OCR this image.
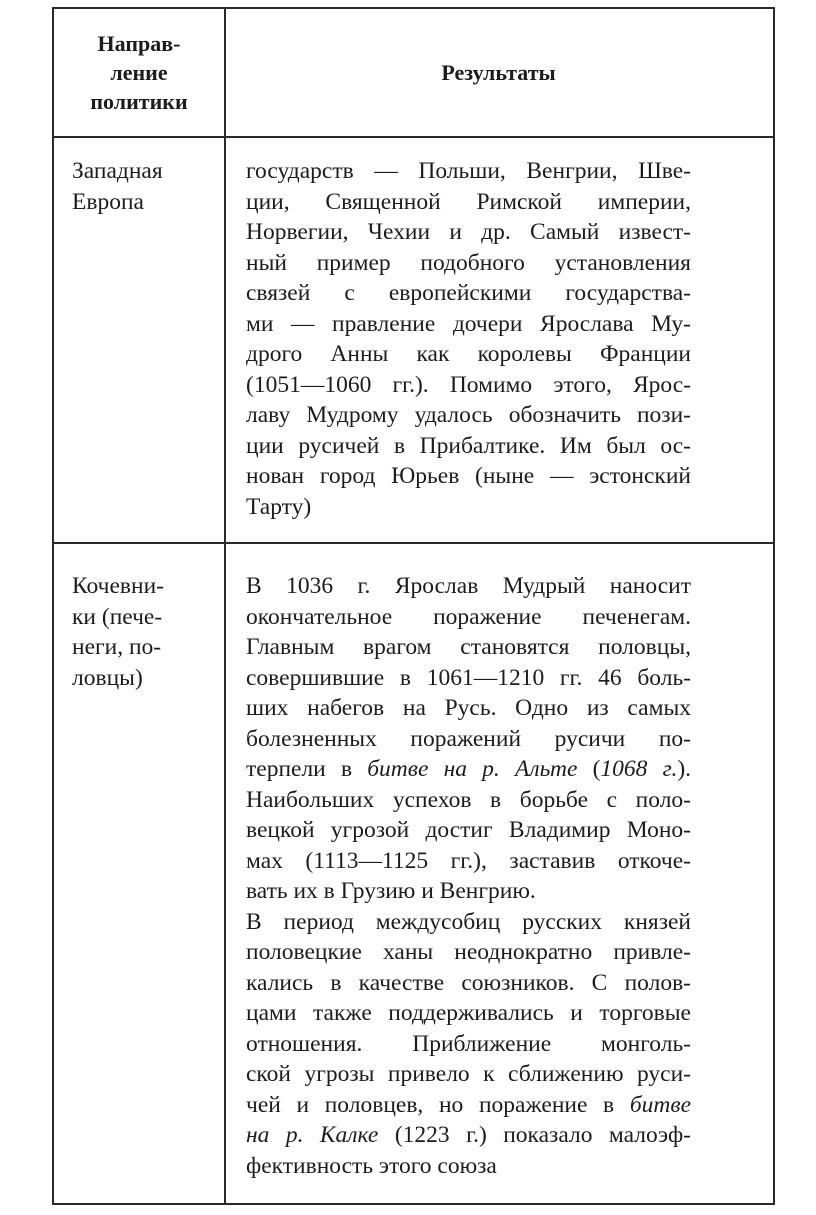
Направ-
ление
политики
Результаты
Западная
Европа
государств — Польши, Венгрии, Шве-
ции, Священной Римской империи,
Норвегии, Чехии и др. Самый извест-
ный пример подобного установления
связей с европейскими государства-
ми — правление дочери Ярослава Му-
дрого Анны как королевы Франции
(1051—1060 гг.). Помимо этого, Ярос-
лаву Мудрому удалось обозначить пози-
ции русичей в Прибалтике. Им был ос-
нован город Юрьев (ныне — эстонский
Тарту)
Кочевни-
ки (пече-
неги, по-
ловцы)
В 1036 г. Ярослав Мудрый наносит
окончательное поражение печенегам.
Главным врагом становятся половцы,
совершившие в 1061—1210 гг. 46 боль-
ших набегов на Русь. Одно из самых
болезненных поражений русичи по-
терпели в битве на р. Альте (1068 г.).
Наибольших успехов в борьбе с поло-
вецкой угрозой достиг Владимир Моно-
мах (1113—1125 гг.), заставив откоче-
вать их в Грузию и Венгрию.
В период междусобиц русских князей
половецкие ханы неоднократно привле-
кались в качестве союзников. С полов-
цами также поддерживались и торговые
отношения. Приближение монголь-
ской угрозы привело к сближению руси-
чей и половцев, но поражение в битве
на р. Калке (1223 г.) показало малоэф-
фективность этого союза
